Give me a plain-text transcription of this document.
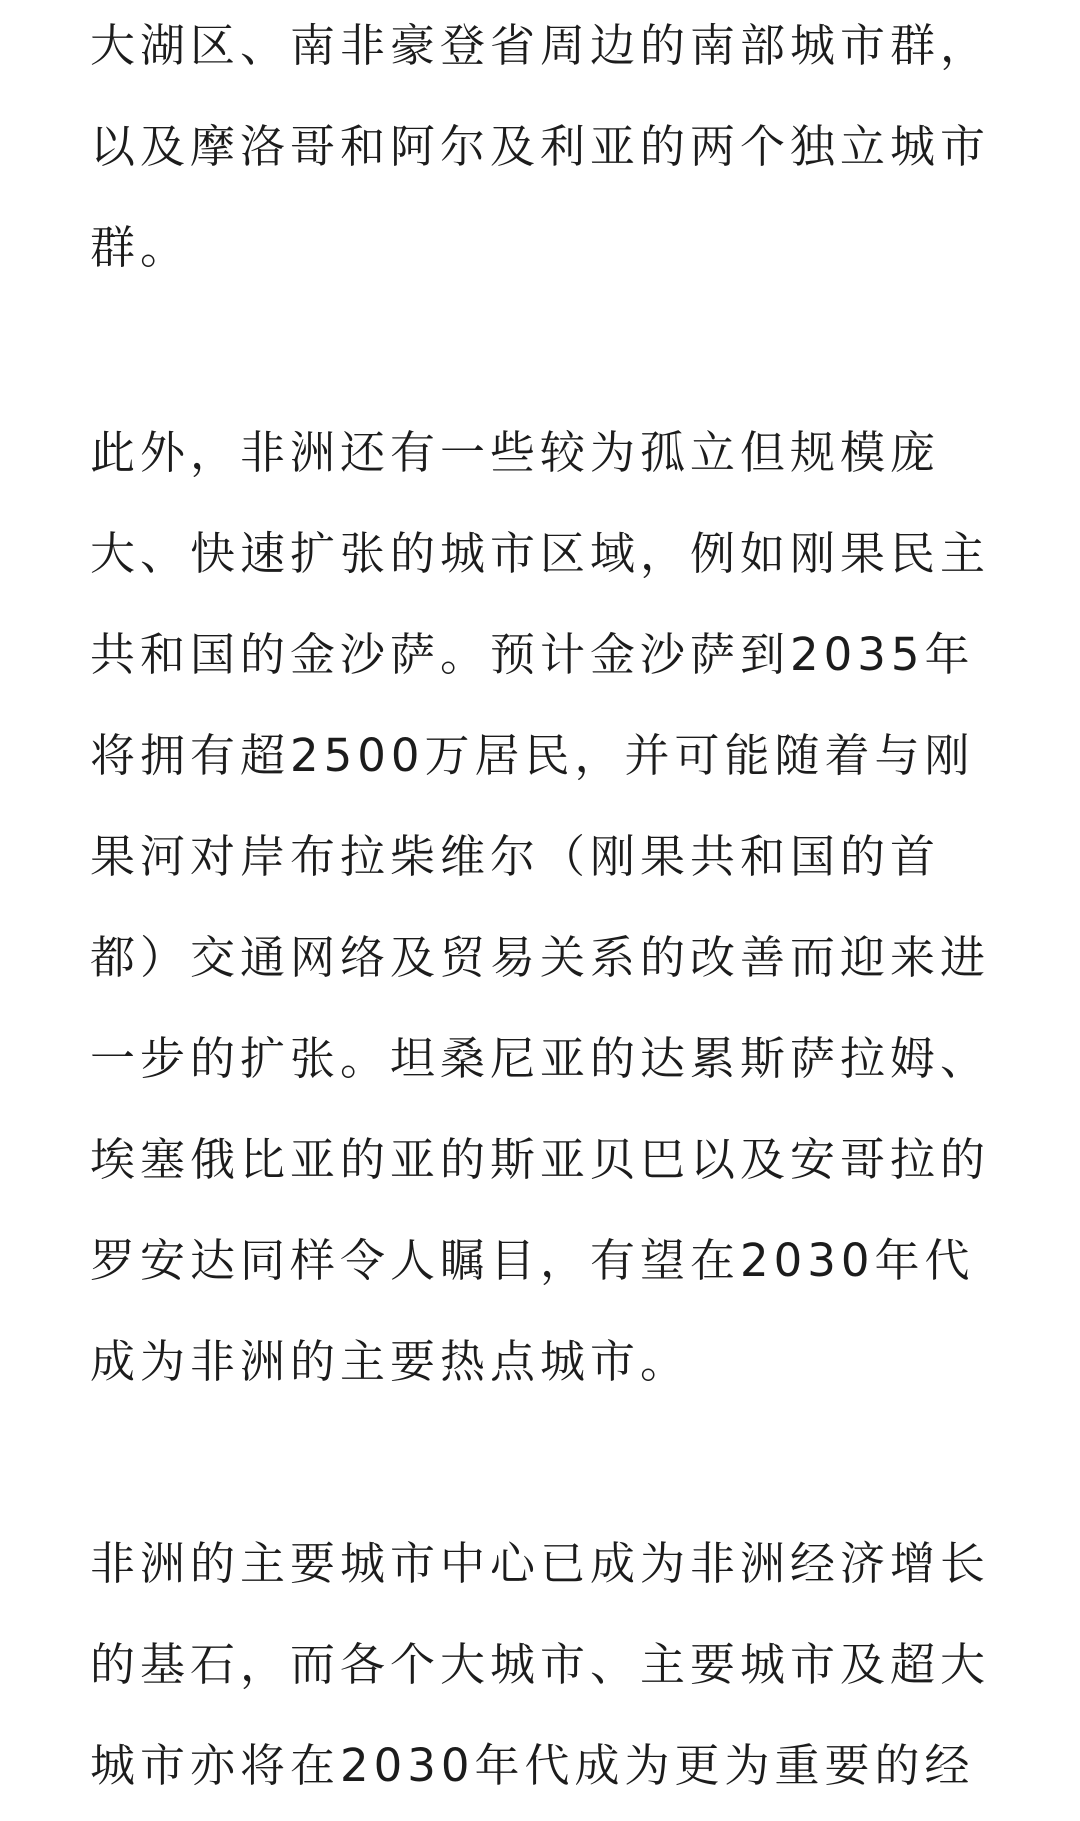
大湖区、南非豪登省周边的南部城市群，
以及摩洛哥和阿尔及利亚的两个独立城市
群。
此外，非洲还有一些较为孤立但规模庞
大、快速扩张的城市区域，例如刚果民主
共和国的金沙萨。预计金沙萨到2035年
将拥有超2500万居民，并可能随着与刚
果河对岸布拉柴维尔（刚果共和国的首
都）交通网络及贸易关系的改善而迎来进
一步的扩张。坦桑尼亚的达累斯萨拉姆、
埃塞俄比亚的亚的斯亚贝巴以及安哥拉的
罗安达同样令人瞩目，有望在2030年代
成为非洲的主要热点城市。
非洲的主要城市中心已成为非洲经济增长
的基石，而各个大城市、主要城市及超大
城市亦将在2030年代成为更为重要的经
